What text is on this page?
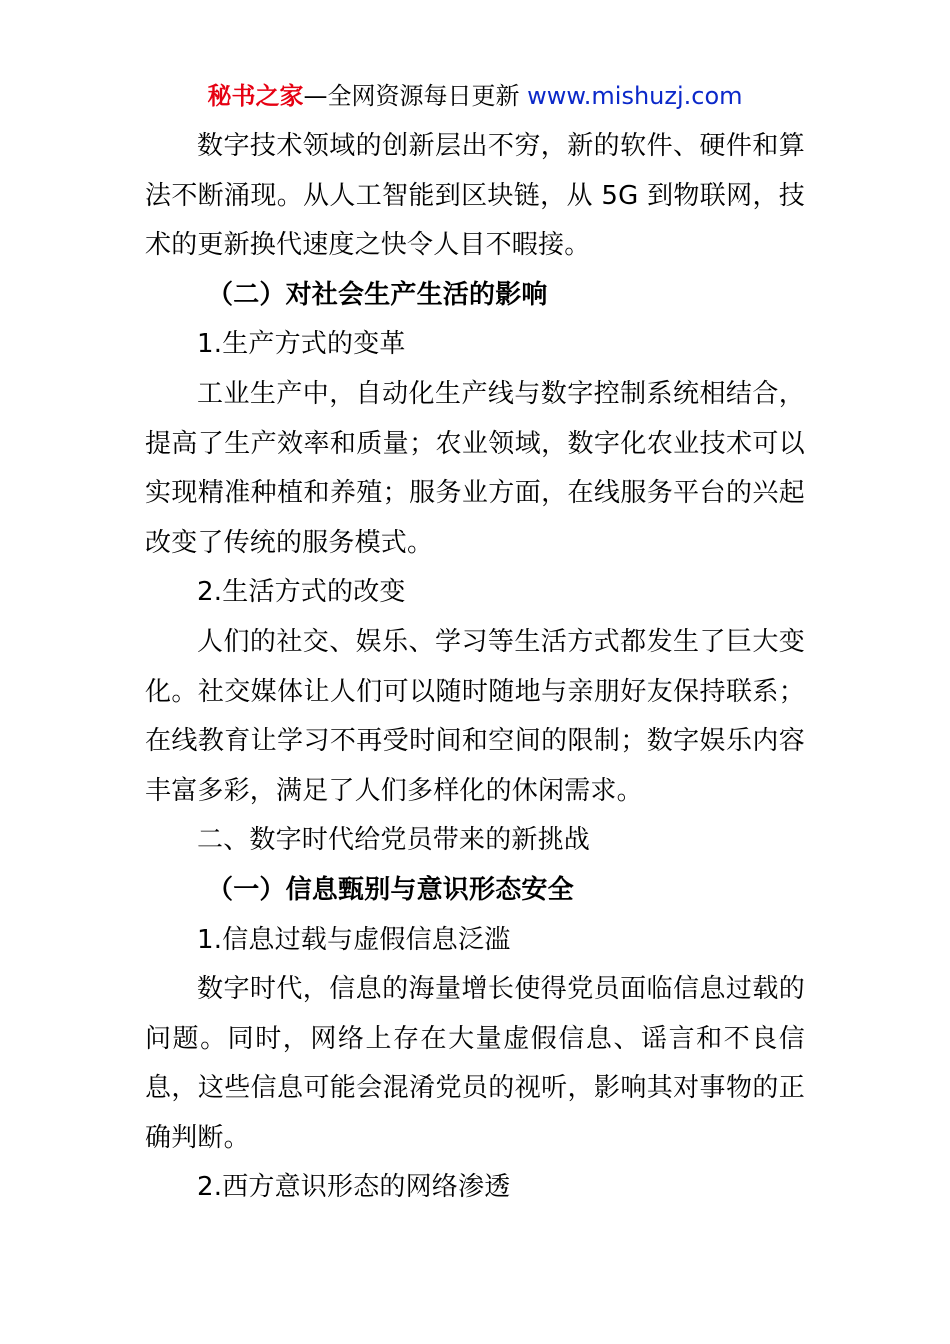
秘书之家—全网资源每日更新 www.mishuzj.com

数字技术领域的创新层出不穷，新的软件、硬件和算法不断涌现。从人工智能到区块链，从 5G 到物联网，技术的更新换代速度之快令人目不暇接。

（二）对社会生产生活的影响

1.生产方式的变革

工业生产中，自动化生产线与数字控制系统相结合，提高了生产效率和质量；农业领域，数字化农业技术可以实现精准种植和养殖；服务业方面，在线服务平台的兴起改变了传统的服务模式。

2.生活方式的改变

人们的社交、娱乐、学习等生活方式都发生了巨大变化。社交媒体让人们可以随时随地与亲朋好友保持联系；在线教育让学习不再受时间和空间的限制；数字娱乐内容丰富多彩，满足了人们多样化的休闲需求。

二、数字时代给党员带来的新挑战

（一）信息甄别与意识形态安全

1.信息过载与虚假信息泛滥

数字时代，信息的海量增长使得党员面临信息过载的问题。同时，网络上存在大量虚假信息、谣言和不良信息，这些信息可能会混淆党员的视听，影响其对事物的正确判断。

2.西方意识形态的网络渗透
